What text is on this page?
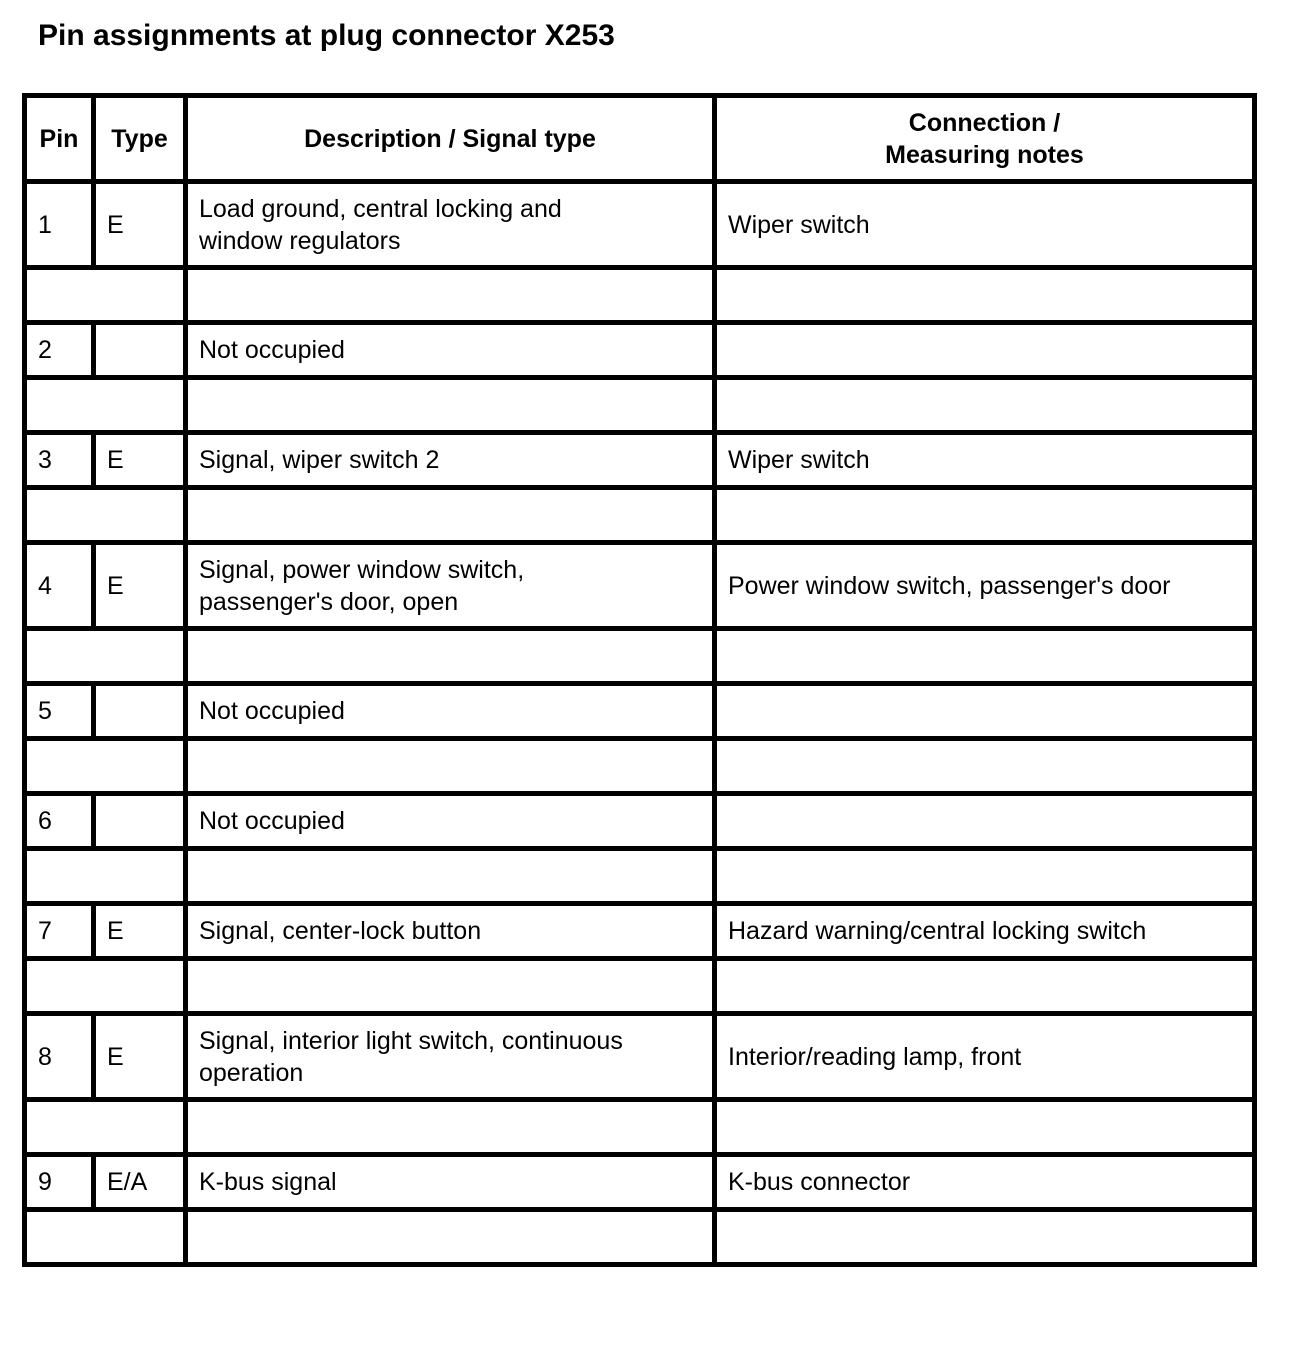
Pin assignments at plug connector X253
Pin	Type	Description / Signal type	Connection /
Measuring notes
1	E	Load ground, central locking and
window regulators	Wiper switch

2		Not occupied	

3	E	Signal, wiper switch 2	Wiper switch

4	E	Signal, power window switch,
passenger's door, open	Power window switch, passenger's door

5		Not occupied	

6		Not occupied	

7	E	Signal, center-lock button	Hazard warning/central locking switch

8	E	Signal, interior light switch, continuous
operation	Interior/reading lamp, front

9	E/A	K-bus signal	K-bus connector
